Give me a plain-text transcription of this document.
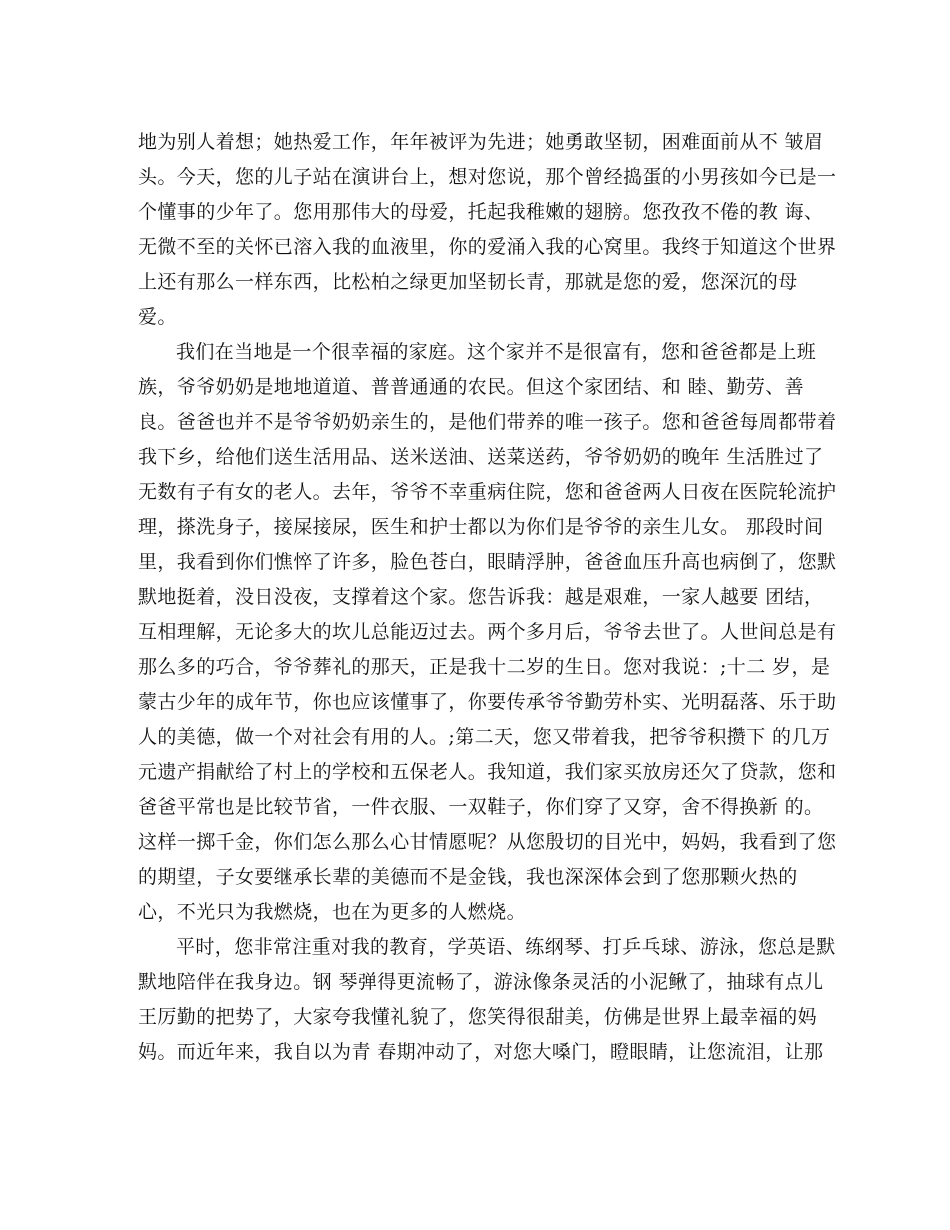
地为别人着想；她热爱工作，年年被评为先进；她勇敢坚韧，困难面前从不 皱眉
头。今天，您的儿子站在演讲台上，想对您说，那个曾经捣蛋的小男孩如今已是一
个懂事的少年了。您用那伟大的母爱，托起我稚嫩的翅膀。您孜孜不倦的教 诲、
无微不至的关怀已溶入我的血液里，你的爱涌入我的心窝里。我终于知道这个世界
上还有那么一样东西，比松柏之绿更加坚韧长青，那就是您的爱，您深沉的母
爱。
我们在当地是一个很幸福的家庭。这个家并不是很富有，您和爸爸都是上班
族，爷爷奶奶是地地道道、普普通通的农民。但这个家团结、和 睦、勤劳、善
良。爸爸也并不是爷爷奶奶亲生的，是他们带养的唯一孩子。您和爸爸每周都带着
我下乡，给他们送生活用品、送米送油、送菜送药，爷爷奶奶的晚年 生活胜过了
无数有子有女的老人。去年，爷爷不幸重病住院，您和爸爸两人日夜在医院轮流护
理，搽洗身子，接屎接尿，医生和护士都以为你们是爷爷的亲生儿女。 那段时间
里，我看到你们憔悴了许多，脸色苍白，眼睛浮肿，爸爸血压升高也病倒了，您默
默地挺着，没日没夜，支撑着这个家。您告诉我：越是艰难，一家人越要 团结，
互相理解，无论多大的坎儿总能迈过去。两个多月后，爷爷去世了。人世间总是有
那么多的巧合，爷爷葬礼的那天，正是我十二岁的生日。您对我说：;十二 岁，是
蒙古少年的成年节，你也应该懂事了，你要传承爷爷勤劳朴实、光明磊落、乐于助
人的美德，做一个对社会有用的人。;第二天，您又带着我，把爷爷积攒下 的几万
元遗产捐献给了村上的学校和五保老人。我知道，我们家买放房还欠了贷款，您和
爸爸平常也是比较节省，一件衣服、一双鞋子，你们穿了又穿，舍不得换新 的。
这样一掷千金，你们怎么那么心甘情愿呢？从您殷切的目光中，妈妈，我看到了您
的期望，子女要继承长辈的美德而不是金钱，我也深深体会到了您那颗火热的
心，不光只为我燃烧，也在为更多的人燃烧。
平时，您非常注重对我的教育，学英语、练纲琴、打乒乓球、游泳，您总是默
默地陪伴在我身边。钢 琴弹得更流畅了，游泳像条灵活的小泥鳅了，抽球有点儿
王厉勤的把势了，大家夸我懂礼貌了，您笑得很甜美，仿佛是世界上最幸福的妈
妈。而近年来，我自以为青 春期冲动了，对您大嗓门，瞪眼睛，让您流泪，让那
